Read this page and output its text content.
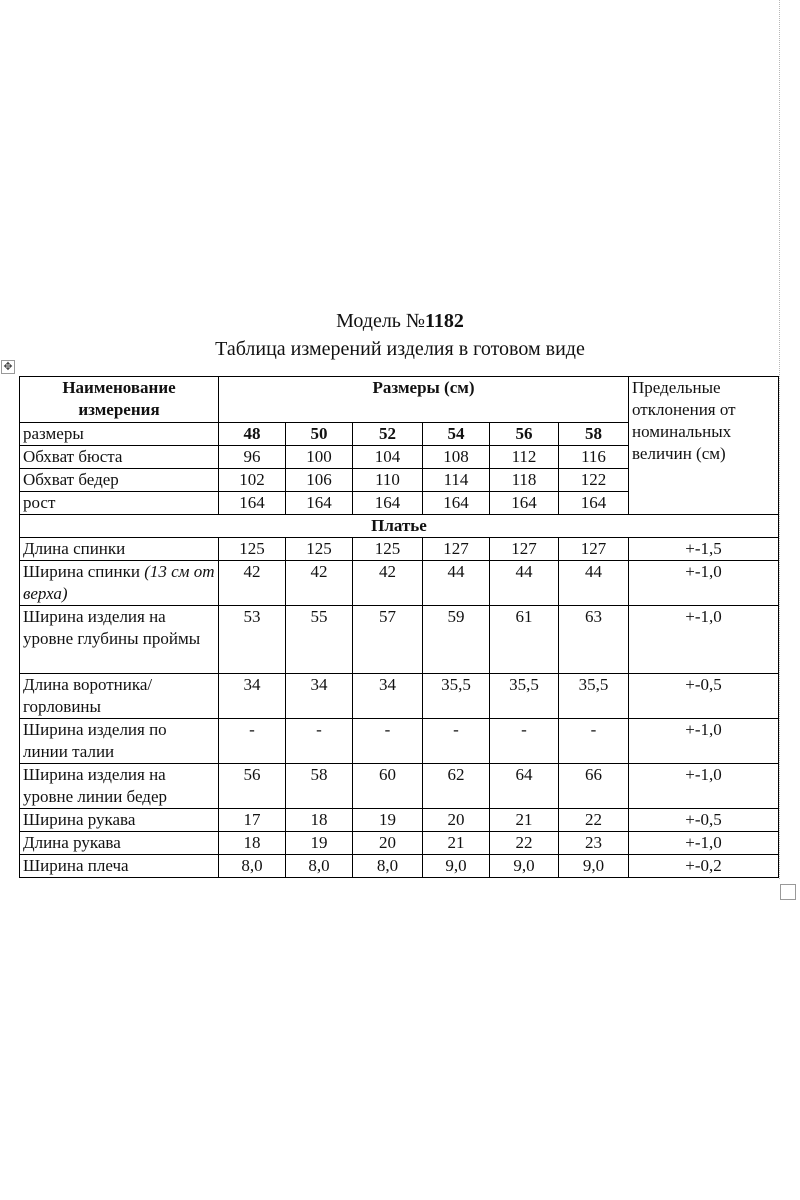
Модель №1182
Таблица измерений изделия в готовом виде
✥
Наименование измерения	Размеры (см)						Предельные отклонения от номинальных величин (см)
размеры	48	50	52	54	56	58	
Обхват бюста	96	100	104	108	112	116	
Обхват бедер	102	106	110	114	118	122	
рост	164	164	164	164	164	164	
Платье							
Длина спинки	125	125	125	127	127	127	+-1,5
Ширина спинки (13 см от верха)	42	42	42	44	44	44	+-1,0
Ширина изделия на уровне глубины проймы	53	55	57	59	61	63	+-1,0
Длина воротника/горловины	34	34	34	35,5	35,5	35,5	+-0,5
Ширина изделия по линии талии	-	-	-	-	-	-	+-1,0
Ширина изделия на уровне линии бедер	56	58	60	62	64	66	+-1,0
Ширина рукава	17	18	19	20	21	22	+-0,5
Длина рукава	18	19	20	21	22	23	+-1,0
Ширина плеча	8,0	8,0	8,0	9,0	9,0	9,0	+-0,2
